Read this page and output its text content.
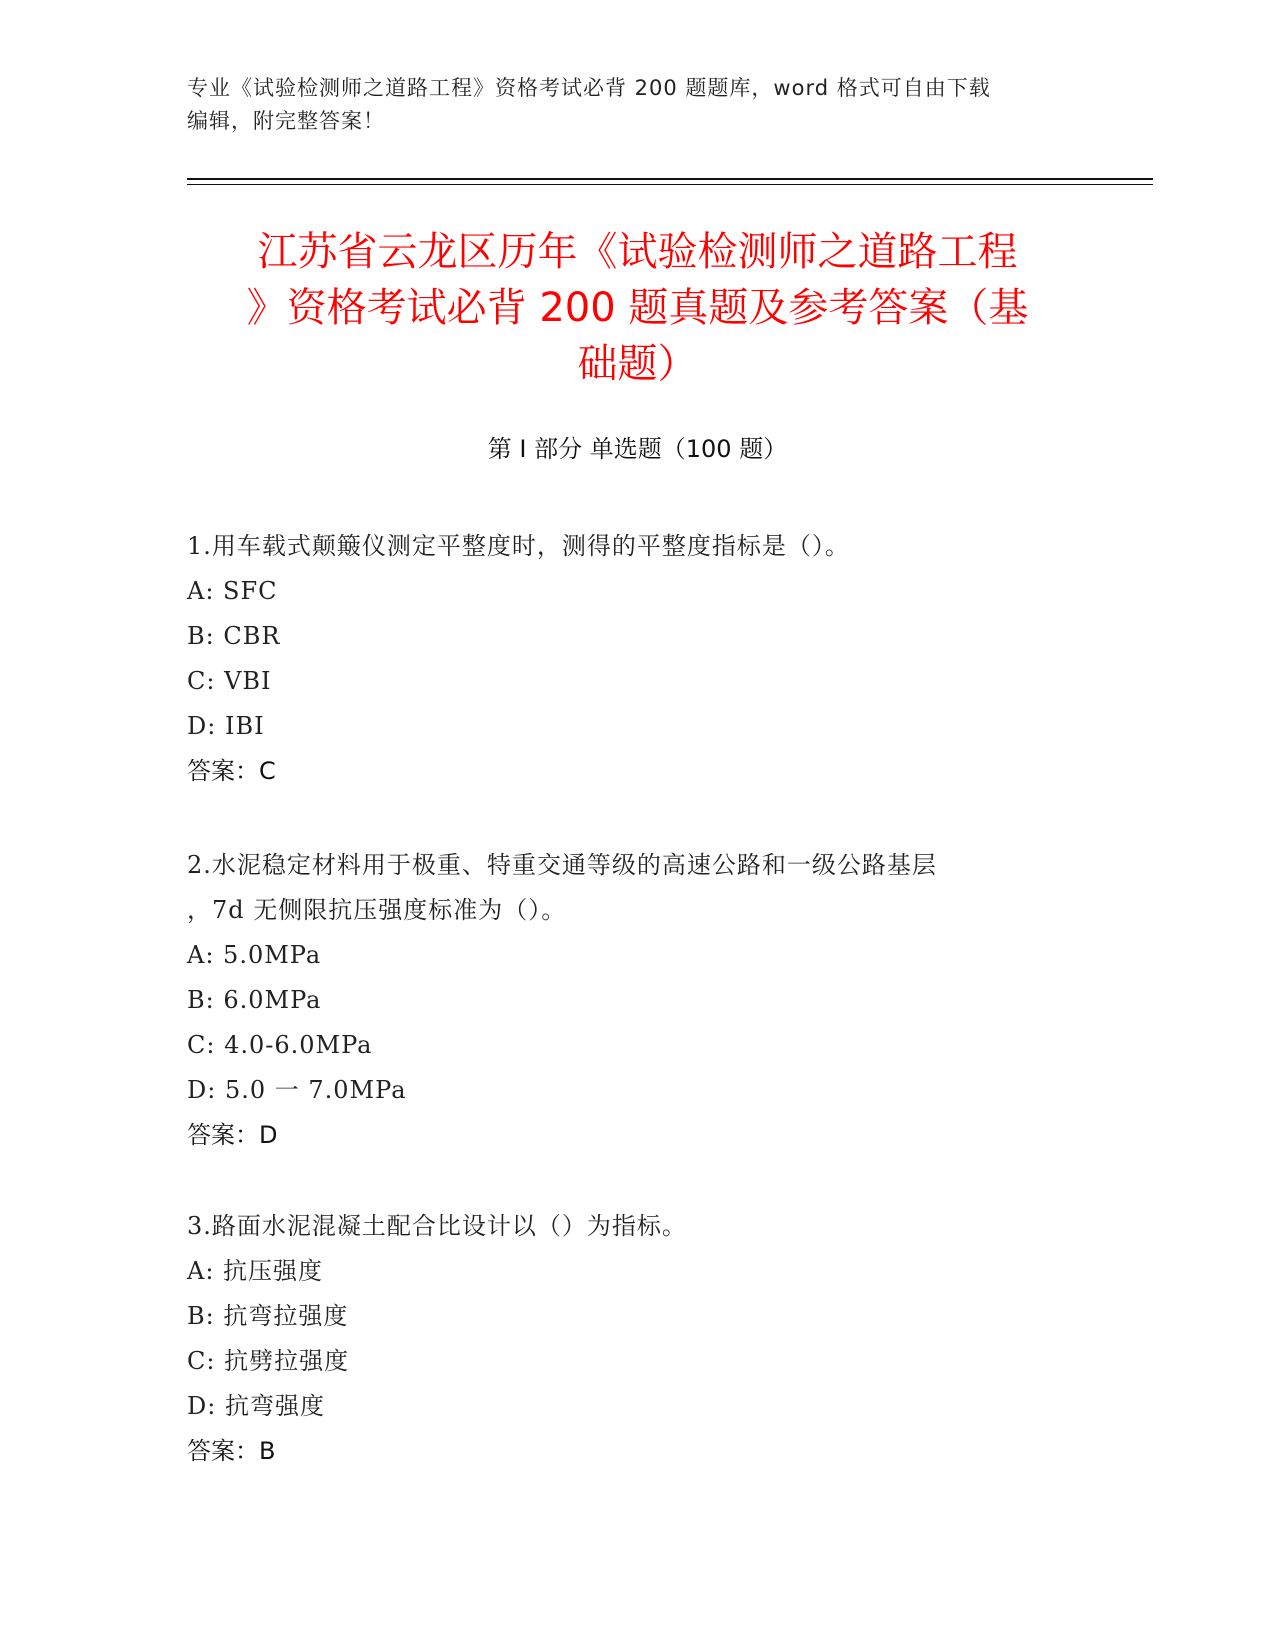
专业《试验检测师之道路工程》资格考试必背 200 题题库，word 格式可自由下载
编辑，附完整答案！
江苏省云龙区历年《试验检测师之道路工程
》资格考试必背 200 题真题及参考答案（基
础题）
第 I 部分 单选题（100 题）
1.用车载式颠簸仪测定平整度时，测得的平整度指标是（）。
A: SFC
B: CBR
C: VBI
D: IBI
答案：C
2.水泥稳定材料用于极重、特重交通等级的高速公路和一级公路基层
，7d 无侧限抗压强度标准为（）。
A: 5.0MPa
B: 6.0MPa
C: 4.0-6.0MPa
D: 5.0 一 7.0MPa
答案：D
3.路面水泥混凝土配合比设计以（）为指标。
A: 抗压强度
B: 抗弯拉强度
C: 抗劈拉强度
D: 抗弯强度
答案：B
